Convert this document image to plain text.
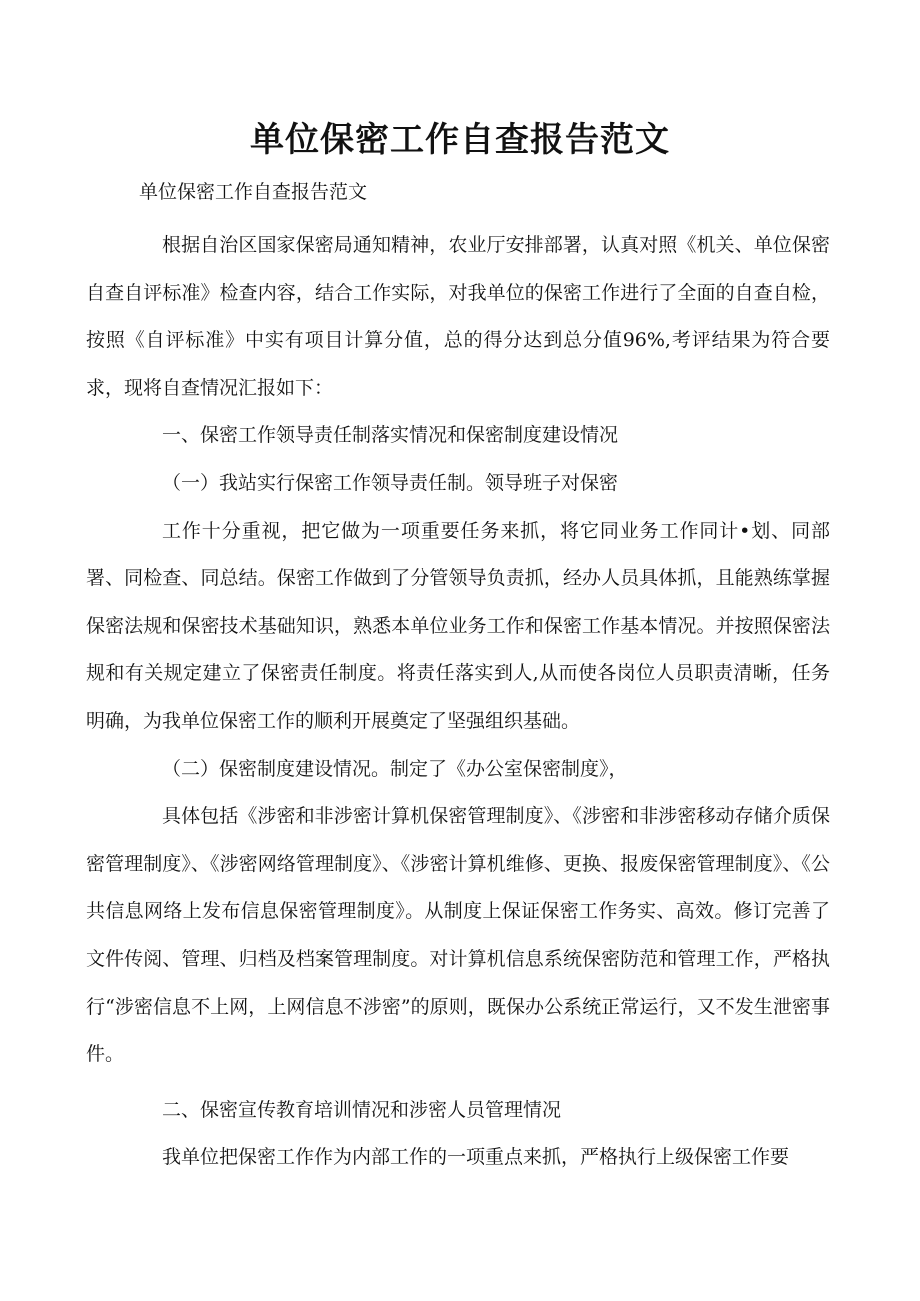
单位保密工作自查报告范文

单位保密工作自查报告范文

根据自治区国家保密局通知精神，农业厅安排部署，认真对照《机关、单位保密自查自评标准》检查内容，结合工作实际，对我单位的保密工作进行了全面的自查自检，按照《自评标准》中实有项目计算分值，总的得分达到总分值96%,考评结果为符合要求，现将自查情况汇报如下：

一、保密工作领导责任制落实情况和保密制度建设情况

（一）我站实行保密工作领导责任制。领导班子对保密

工作十分重视，把它做为一项重要任务来抓，将它同业务工作同计•划、同部署、同检查、同总结。保密工作做到了分管领导负责抓，经办人员具体抓，且能熟练掌握保密法规和保密技术基础知识，熟悉本单位业务工作和保密工作基本情况。并按照保密法规和有关规定建立了保密责任制度。将责任落实到人,从而使各岗位人员职责清晰，任务明确，为我单位保密工作的顺利开展奠定了坚强组织基础。

（二）保密制度建设情况。制定了《办公室保密制度》，

具体包括《涉密和非涉密计算机保密管理制度》、《涉密和非涉密移动存储介质保密管理制度》、《涉密网络管理制度》、《涉密计算机维修、更换、报废保密管理制度》、《公共信息网络上发布信息保密管理制度》。从制度上保证保密工作务实、高效。修订完善了文件传阅、管理、归档及档案管理制度。对计算机信息系统保密防范和管理工作，严格执行“涉密信息不上网，上网信息不涉密”的原则，既保办公系统正常运行，又不发生泄密事件。

二、保密宣传教育培训情况和涉密人员管理情况

我单位把保密工作作为内部工作的一项重点来抓，严格执行上级保密工作要
